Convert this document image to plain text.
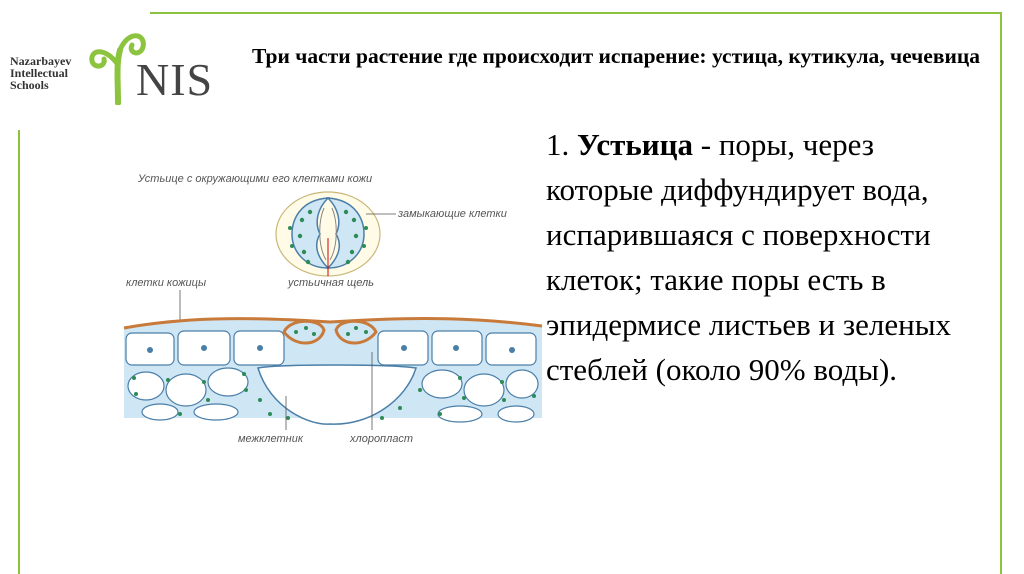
Nazarbayev
Intellectual
Schools	NIS Три части растение где происходит испарение: устица, кутикула, чечевица
1. Устьица - поры, через которые диффундирует вода, испарившаяся с поверхности клеток; такие поры есть в эпидермисе листьев и зеленых стеблей (около 90% воды).
Устьице с окружающими его клетками кожи
замыкающие клетки
клетки кожицы	устьичная щель
межклетник	хлоропласт
